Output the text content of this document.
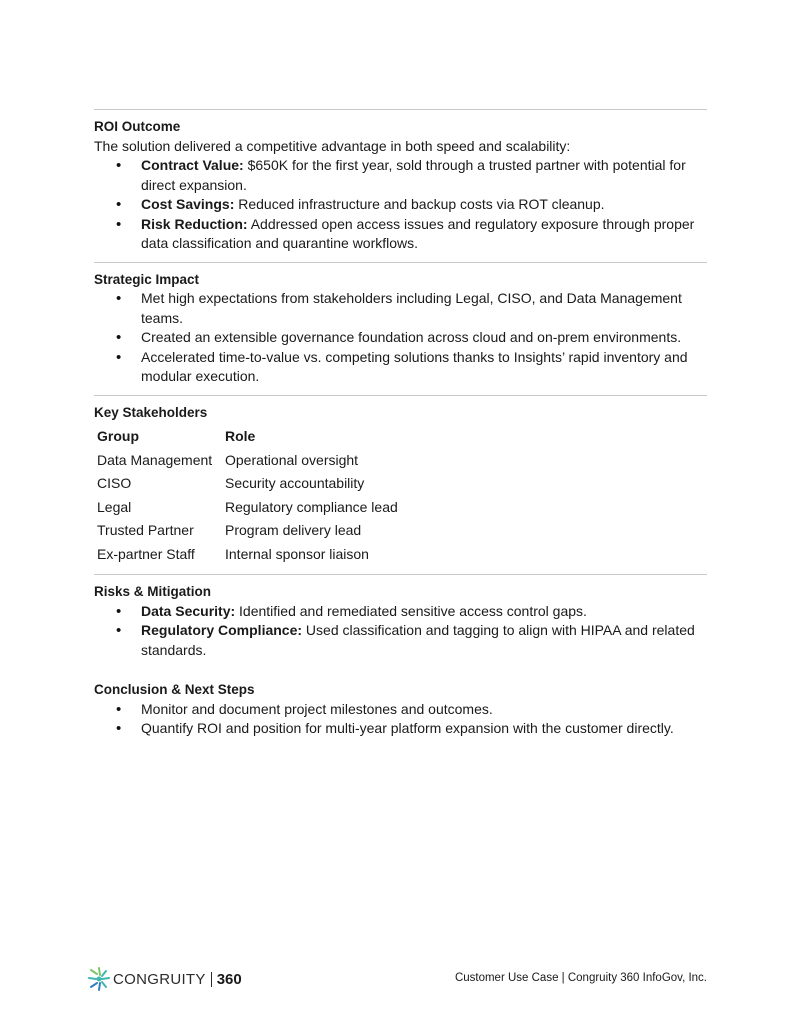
ROI Outcome

The solution delivered a competitive advantage in both speed and scalability:

• Contract Value: $650K for the first year, sold through a trusted partner with potential for direct expansion.
• Cost Savings: Reduced infrastructure and backup costs via ROT cleanup.
• Risk Reduction: Addressed open access issues and regulatory exposure through proper data classification and quarantine workflows.

Strategic Impact

• Met high expectations from stakeholders including Legal, CISO, and Data Management teams.
• Created an extensible governance foundation across cloud and on-prem environments.
• Accelerated time-to-value vs. competing solutions thanks to Insights’ rapid inventory and modular execution.

Key Stakeholders

Group	Role
Data Management	Operational oversight
CISO	Security accountability
Legal	Regulatory compliance lead
Trusted Partner	Program delivery lead
Ex-partner Staff	Internal sponsor liaison

Risks & Mitigation

• Data Security: Identified and remediated sensitive access control gaps.
• Regulatory Compliance: Used classification and tagging to align with HIPAA and related standards.

Conclusion & Next Steps

• Monitor and document project milestones and outcomes.
• Quantify ROI and position for multi-year platform expansion with the customer directly.
CONGRUITY 360	Customer Use Case | Congruity 360 InfoGov, Inc.
